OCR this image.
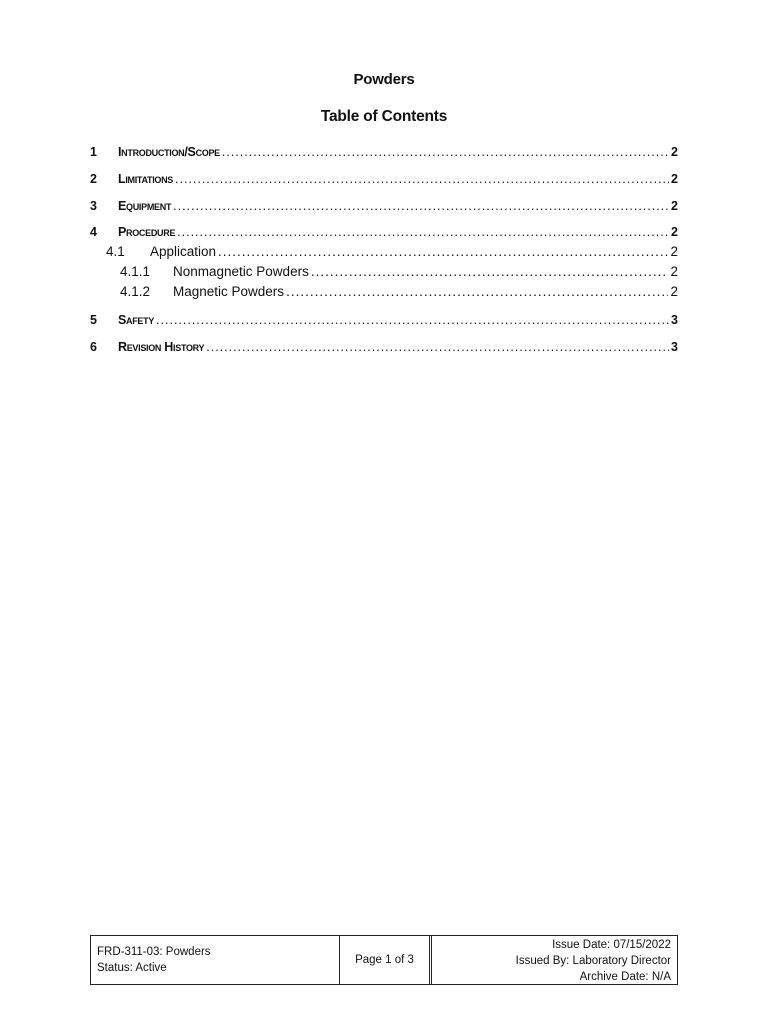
Powders
Table of Contents
1	Introduction/Scope .....	2
2	Limitations .....	2
3	Equipment .....	2
4	Procedure .....	2
4.1	Application .....	2
4.1.1	Nonmagnetic Powders .....	2
4.1.2	Magnetic Powders .....	2
5	Safety .....	3
6	Revision History .....	3
FRD-311-03: Powders
Status: Active
Page 1 of 3
Issue Date: 07/15/2022
Issued By: Laboratory Director
Archive Date: N/A
